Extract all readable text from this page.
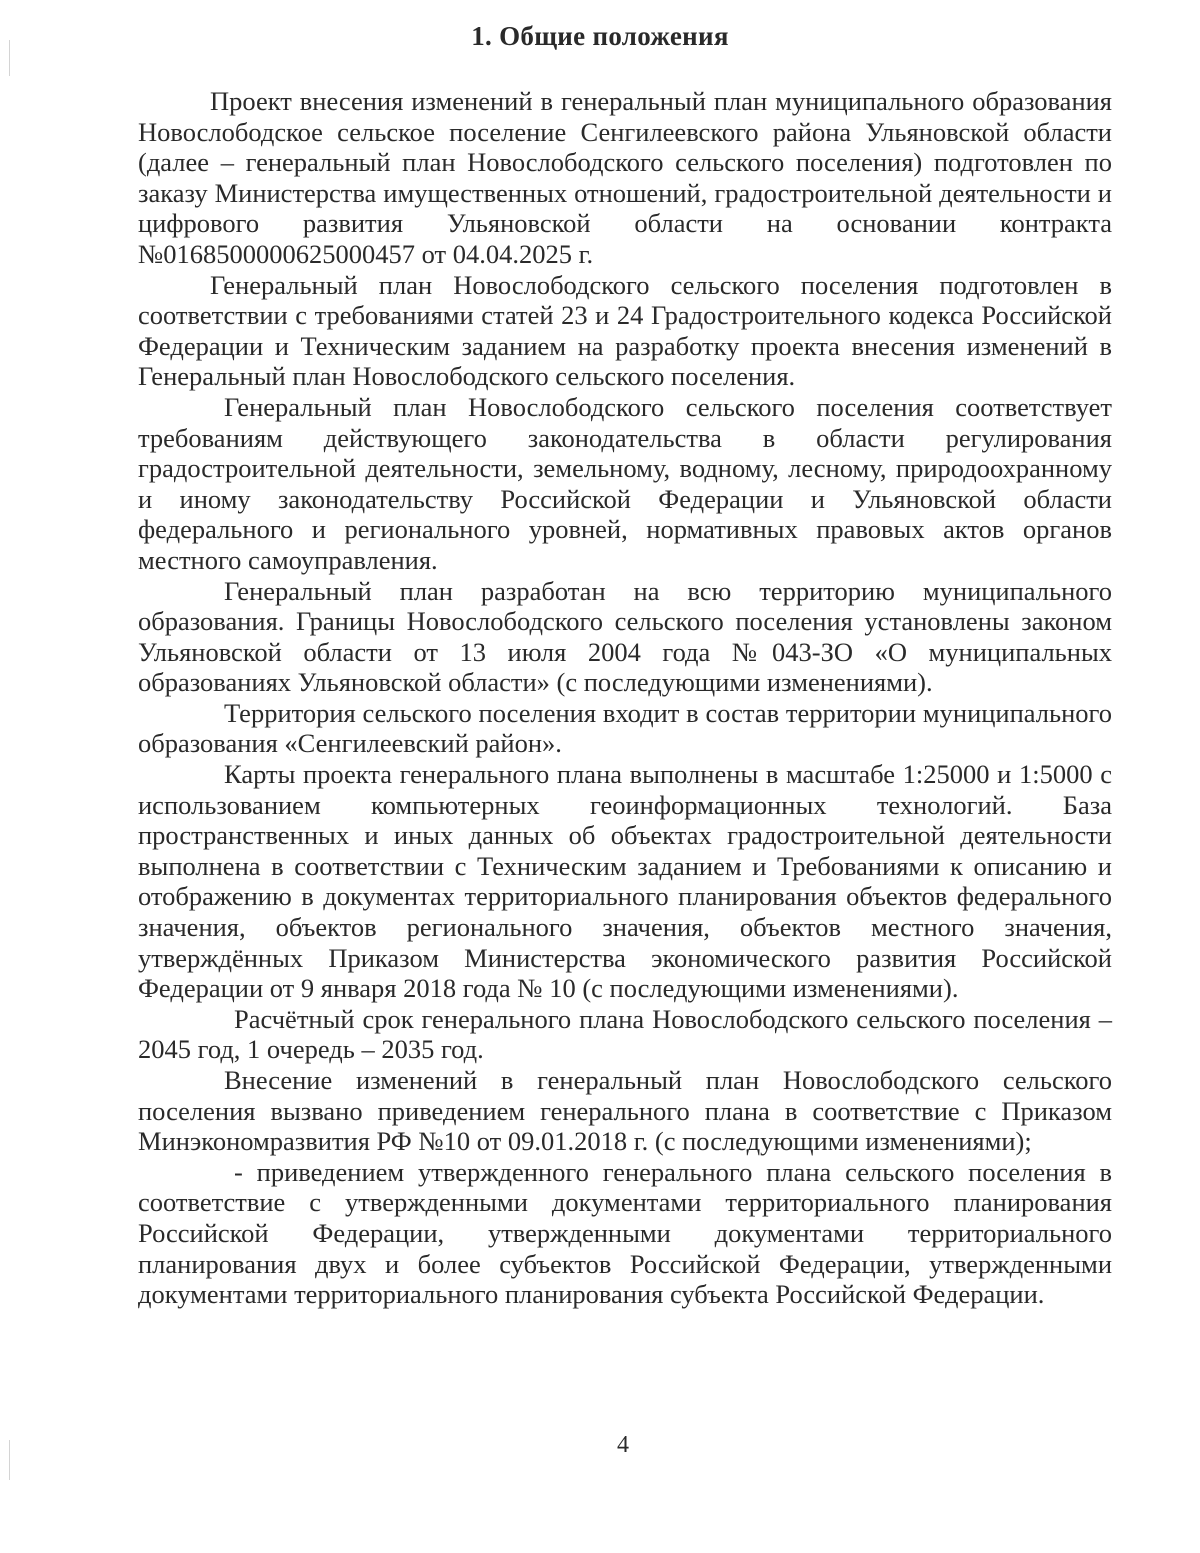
1. Общие положения

Проект внесения изменений в генеральный план муниципального образования Новослободское сельское поселение Сенгилеевского района Ульяновской области (далее – генеральный план Новослободского сельского поселения) подготовлен по заказу Министерства имущественных отношений, градостроительной деятельности и цифрового развития Ульяновской области на основании контракта №0168500000625000457 от 04.04.2025 г.

Генеральный план Новослободского сельского поселения подготовлен в соответствии с требованиями статей 23 и 24 Градостроительного кодекса Российской Федерации и Техническим заданием на разработку проекта внесения изменений в Генеральный план Новослободского сельского поселения.

Генеральный план Новослободского сельского поселения соответствует требованиям действующего законодательства в области регулирования градостроительной деятельности, земельному, водному, лесному, природоохранному и иному законодательству Российской Федерации и Ульяновской области федерального и регионального уровней, нормативных правовых актов органов местного самоуправления.

Генеральный план разработан на всю территорию муниципального образования. Границы Новослободского сельского поселения установлены законом Ульяновской области от 13 июля 2004 года №043-ЗО «О муниципальных образованиях Ульяновской области» (с последующими изменениями).

Территория сельского поселения входит в состав территории муниципального образования «Сенгилеевский район».

Карты проекта генерального плана выполнены в масштабе 1:25000 и 1:5000 с использованием компьютерных геоинформационных технологий. База пространственных и иных данных об объектах градостроительной деятельности выполнена в соответствии с Техническим заданием и Требованиями к описанию и отображению в документах территориального планирования объектов федерального значения, объектов регионального значения, объектов местного значения, утверждённых Приказом Министерства экономического развития Российской Федерации от 9 января 2018 года № 10 (с последующими изменениями).

Расчётный срок генерального плана Новослободского сельского поселения – 2045 год, 1 очередь – 2035 год.

Внесение изменений в генеральный план Новослободского сельского поселения вызвано приведением генерального плана в соответствие с Приказом Минэкономразвития РФ №10 от 09.01.2018 г. (с последующими изменениями);

- приведением утвержденного генерального плана сельского поселения в соответствие с утвержденными документами территориального планирования Российской Федерации, утвержденными документами территориального планирования двух и более субъектов Российской Федерации, утвержденными документами территориального планирования субъекта Российской Федерации.

4
